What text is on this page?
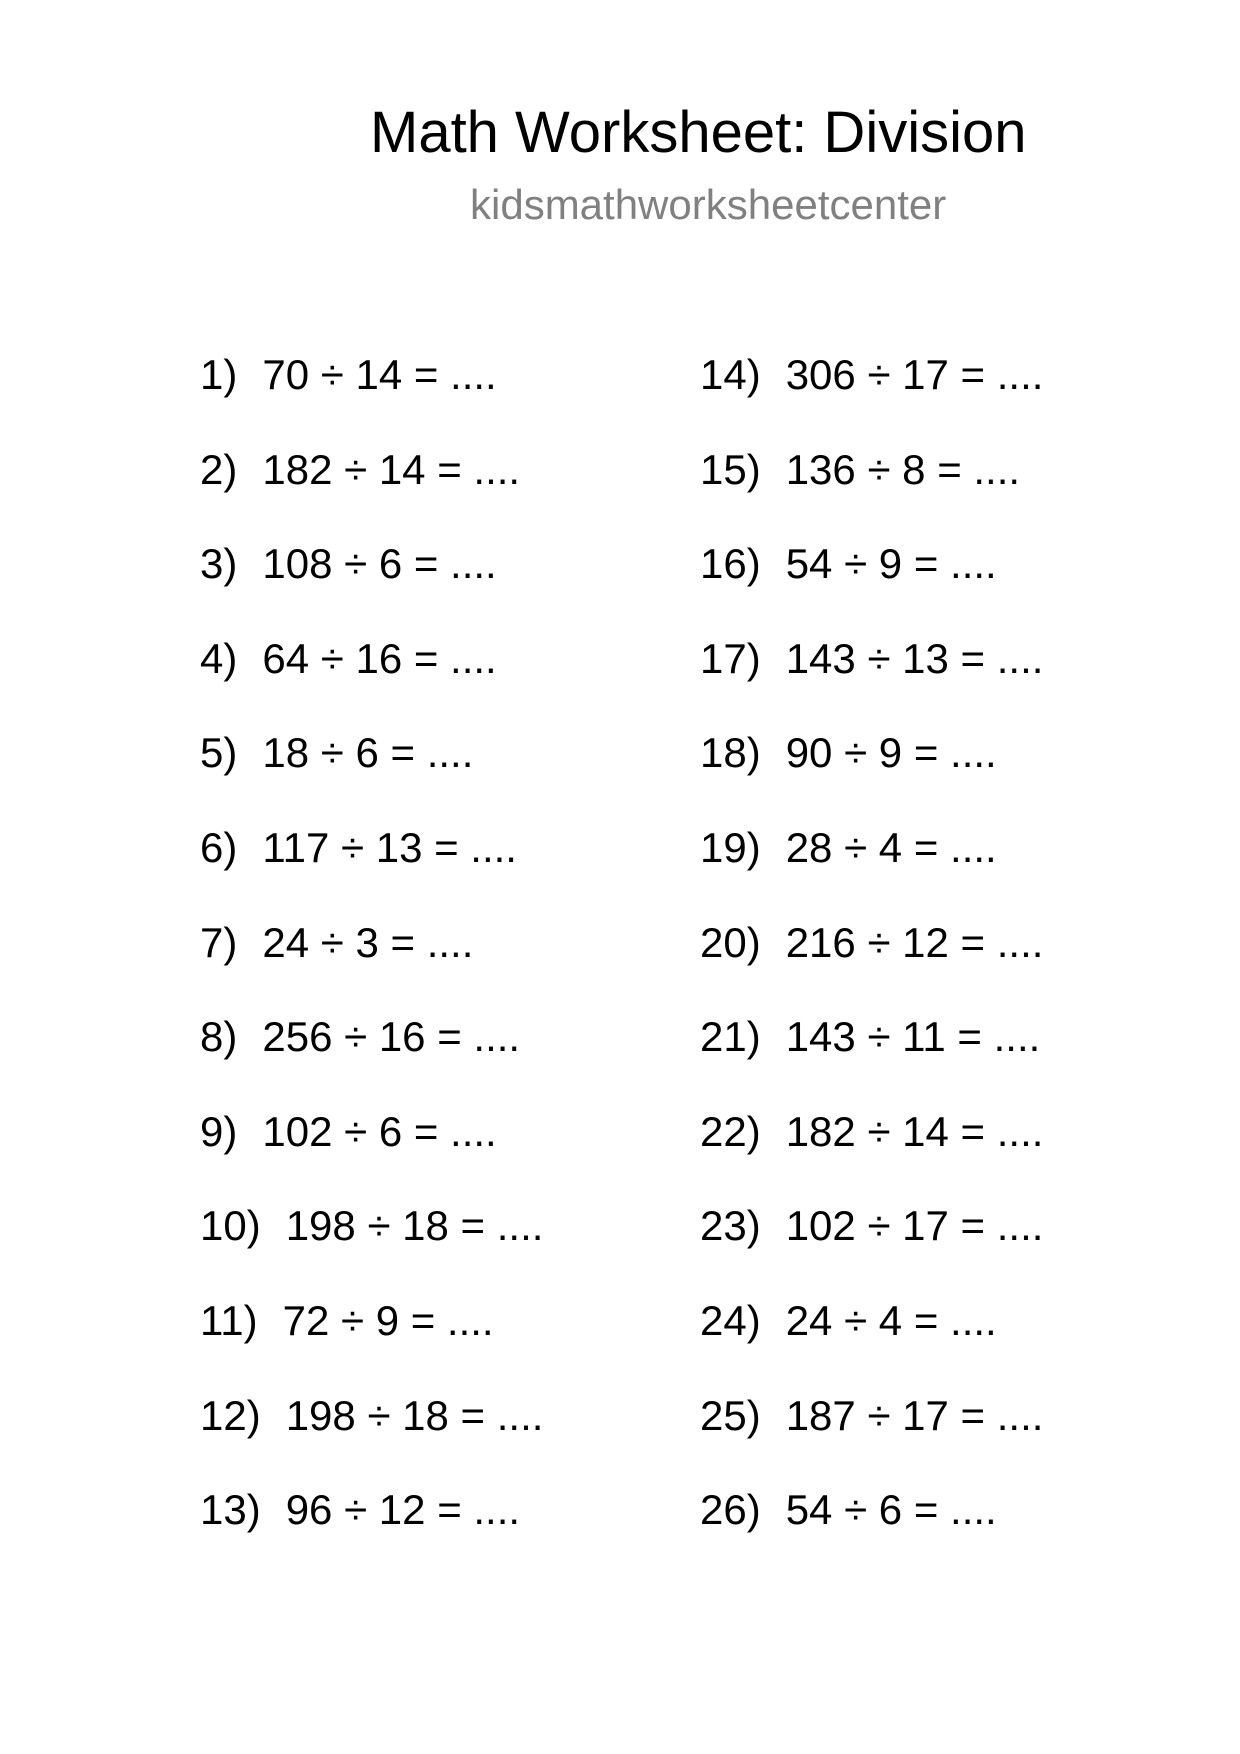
Math Worksheet: Division
kidsmathworksheetcenter
1) 70 ÷ 14 = ....
2) 182 ÷ 14 = ....
3) 108 ÷ 6 = ....
4) 64 ÷ 16 = ....
5) 18 ÷ 6 = ....
6) 117 ÷ 13 = ....
7) 24 ÷ 3 = ....
8) 256 ÷ 16 = ....
9) 102 ÷ 6 = ....
10) 198 ÷ 18 = ....
11) 72 ÷ 9 = ....
12) 198 ÷ 18 = ....
13) 96 ÷ 12 = ....
14) 306 ÷ 17 = ....
15) 136 ÷ 8 = ....
16) 54 ÷ 9 = ....
17) 143 ÷ 13 = ....
18) 90 ÷ 9 = ....
19) 28 ÷ 4 = ....
20) 216 ÷ 12 = ....
21) 143 ÷ 11 = ....
22) 182 ÷ 14 = ....
23) 102 ÷ 17 = ....
24) 24 ÷ 4 = ....
25) 187 ÷ 17 = ....
26) 54 ÷ 6 = ....
